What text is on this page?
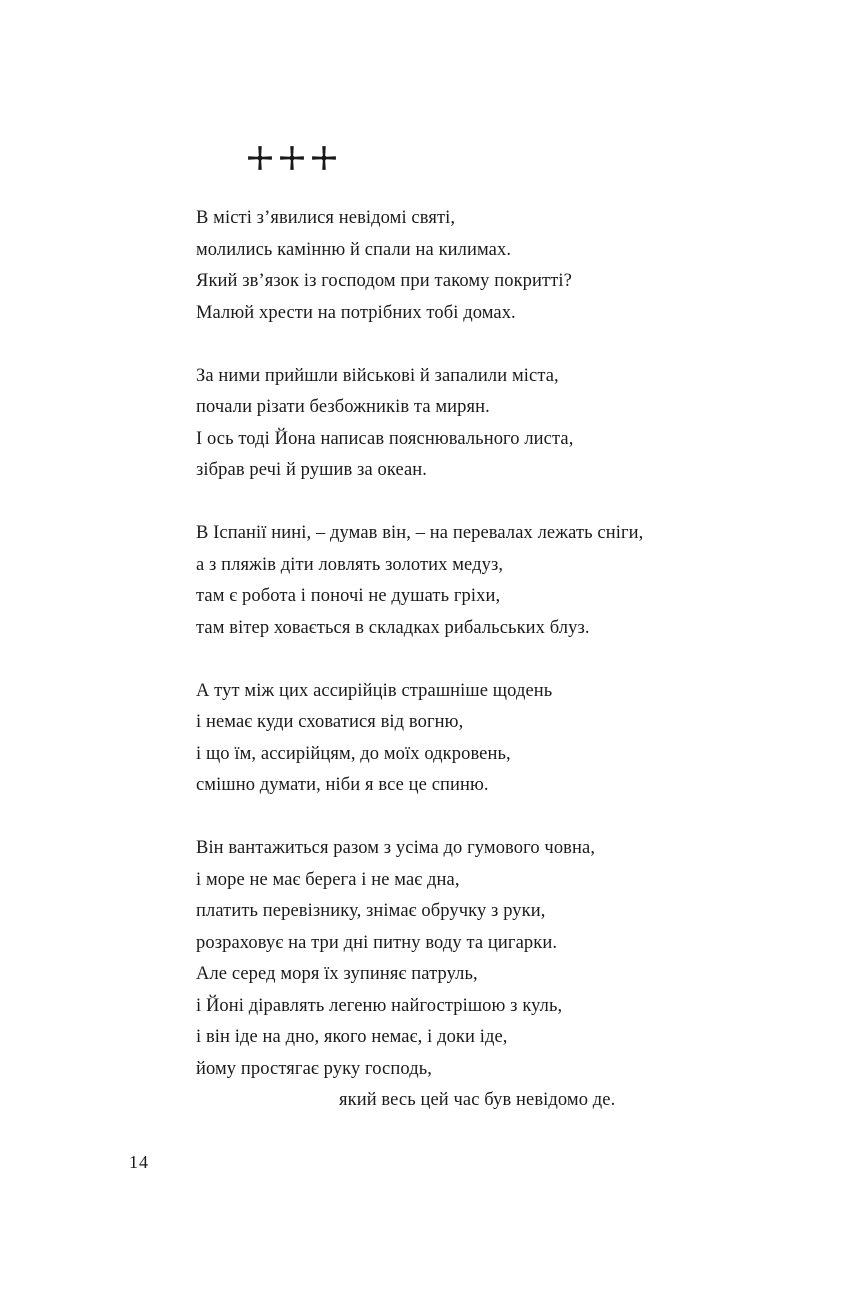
В місті з’явилися невідомі святі,
молились камінню й спали на килимах.
Який зв’язок із господом при такому покритті?
Малюй хрести на потрібних тобі домах.
За ними прийшли військові й запалили міста,
почали різати безбожників та мирян.
І ось тоді Йона написав пояснювального листа,
зібрав речі й рушив за океан.
В Іспанії нині, – думав він, – на перевалах лежать сніги,
а з пляжів діти ловлять золотих медуз,
там є робота і поночі не душать гріхи,
там вітер ховається в складках рибальських блуз.
А тут між цих ассирійців страшніше щодень
і немає куди сховатися від вогню,
і що їм, ассирійцям, до моїх одкровень,
смішно думати, ніби я все це спиню.
Він вантажиться разом з усіма до гумового човна,
і море не має берега і не має дна,
платить перевізнику, знімає обручку з руки,
розраховує на три дні питну воду та цигарки.
Але серед моря їх зупиняє патруль,
і Йоні діравлять легеню найгострішою з куль,
і він іде на дно, якого немає, і доки іде,
йому простягає руку господь,
який весь цей час був невідомо де.
14
